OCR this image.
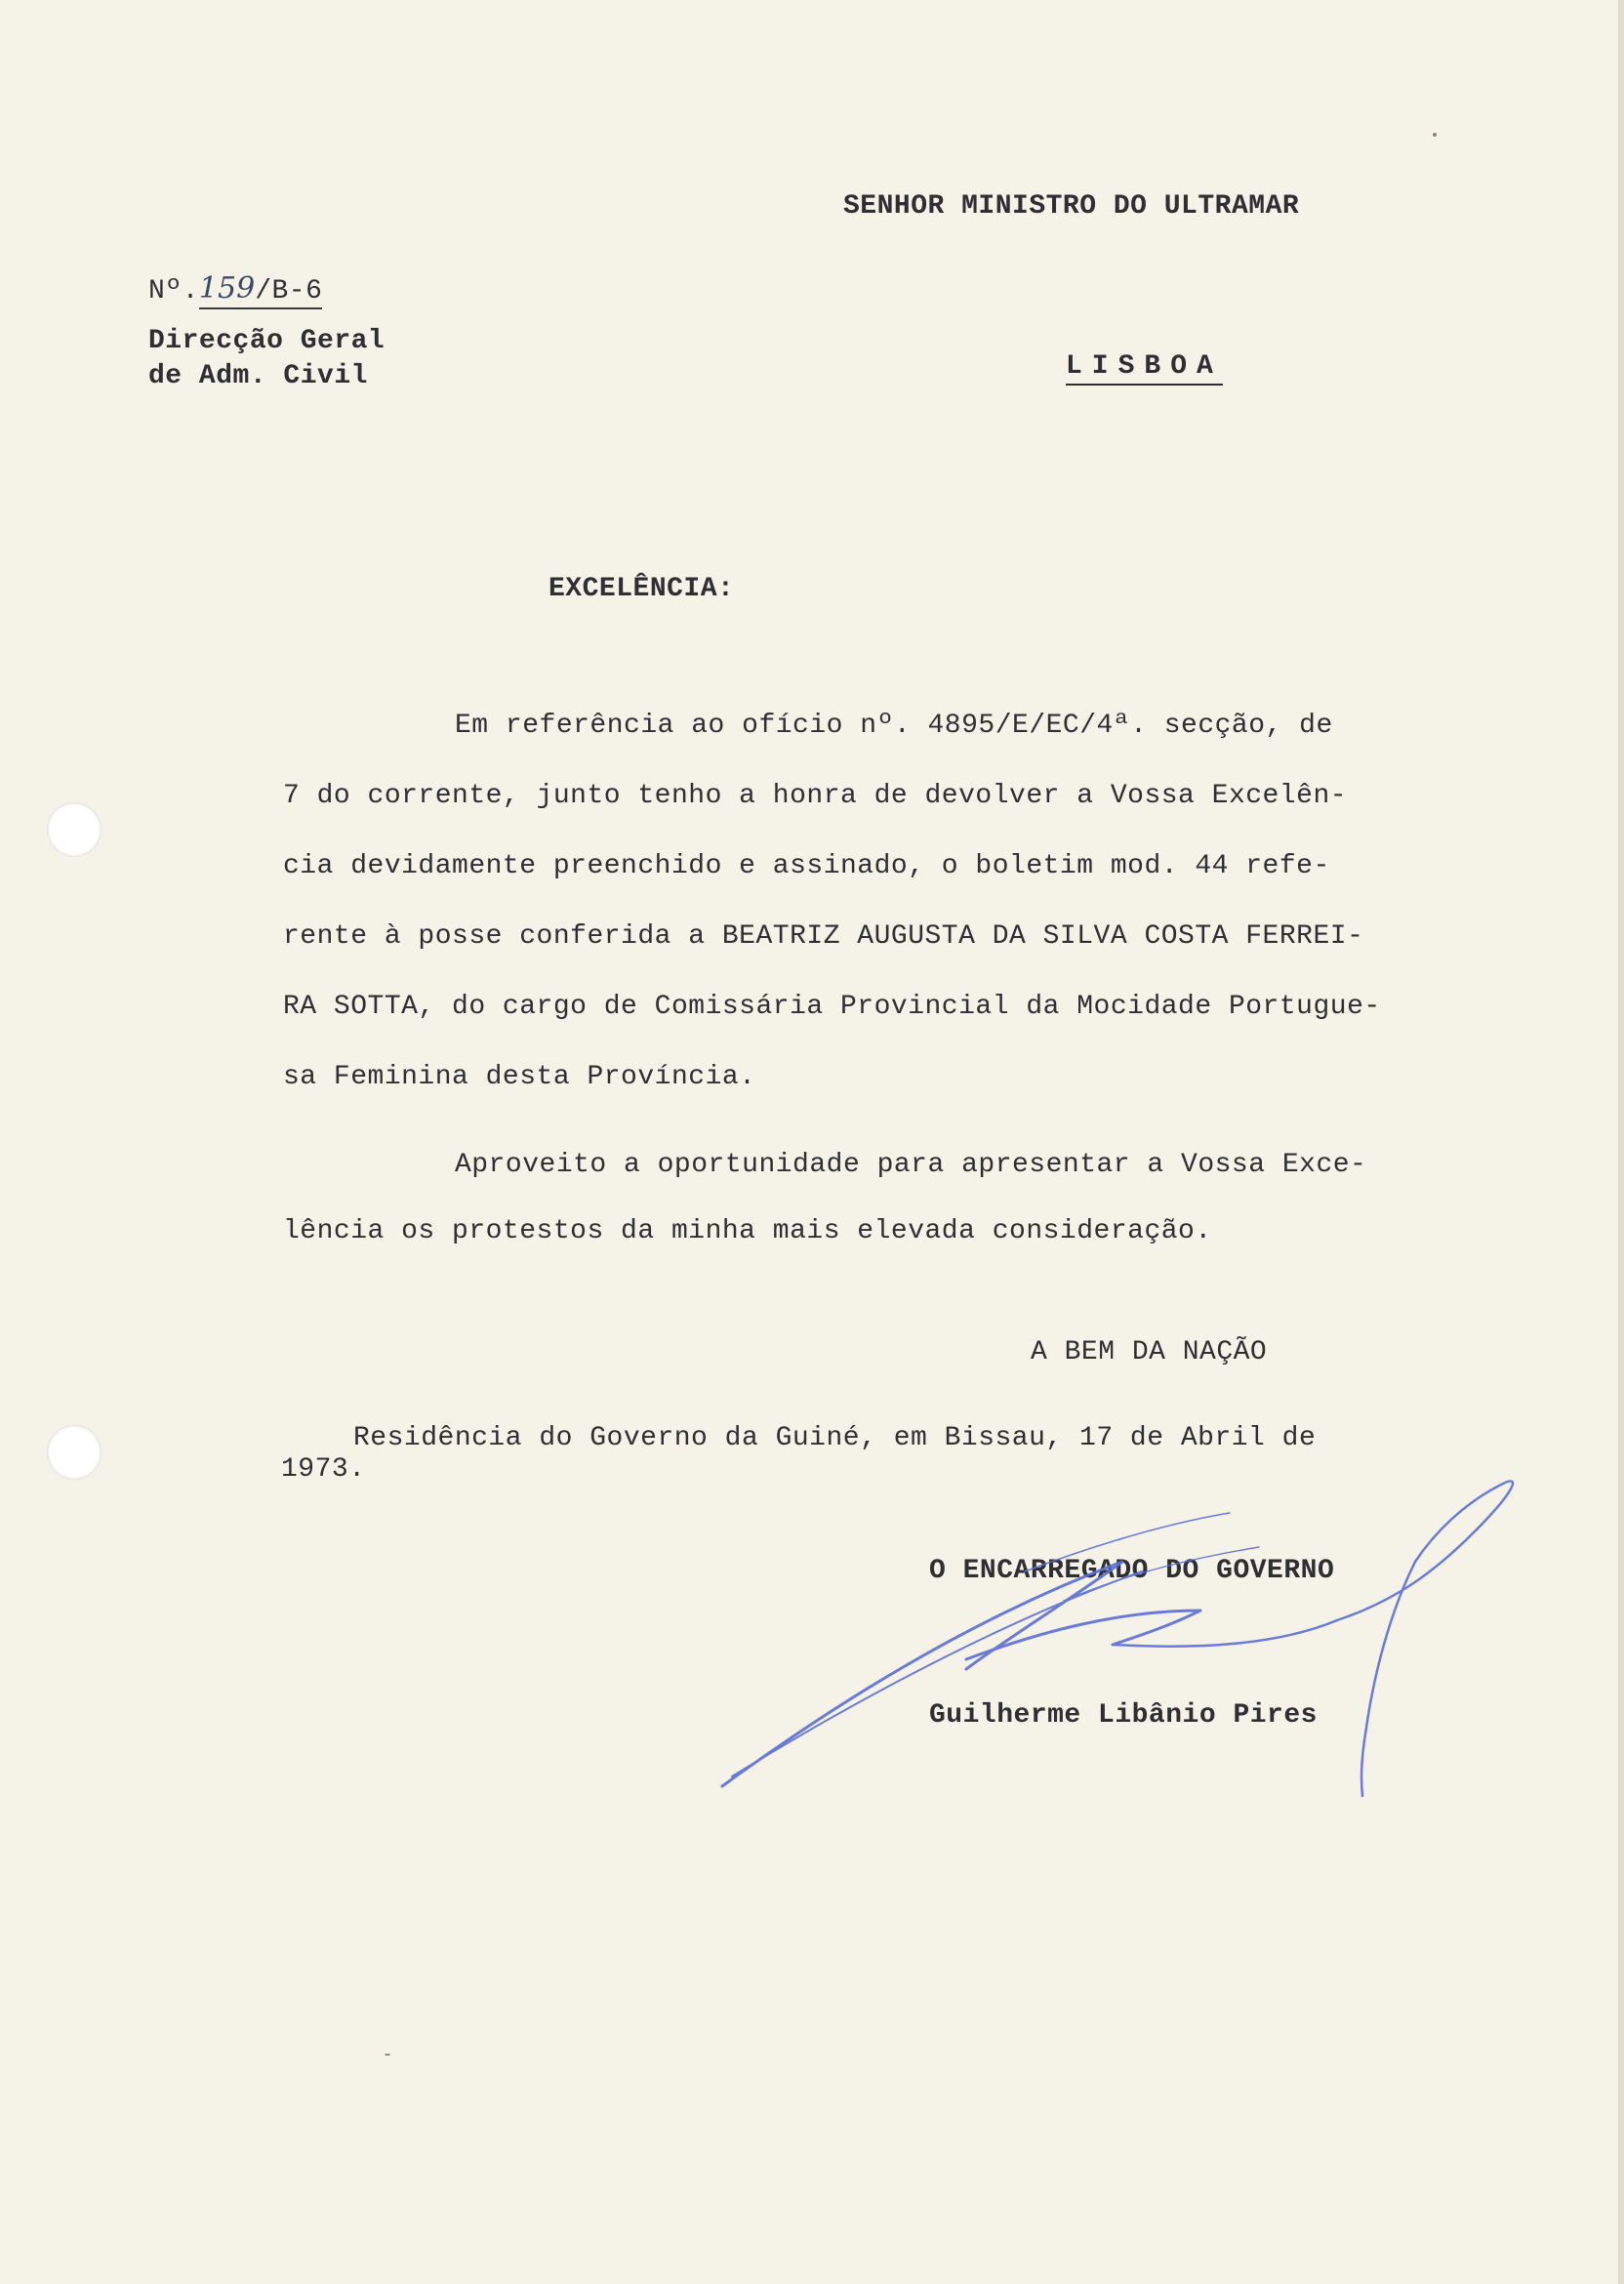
SENHOR MINISTRO DO ULTRAMAR

Nº.159/B-6

Direcção Geral

de Adm. Civil	LISBOA

EXCELÊNCIA:

Em referência ao ofício nº. 4895/E/EC/4ª. secção, de

7 do corrente, junto tenho a honra de devolver a Vossa Excelên-

cia devidamente preenchido e assinado, o boletim mod. 44 refe-

rente à posse conferida a BEATRIZ AUGUSTA DA SILVA COSTA FERREI-

RA SOTTA, do cargo de Comissária Provincial da Mocidade Portugue-

sa Feminina desta Província.

Aproveito a oportunidade para apresentar a Vossa Exce-

lência os protestos da minha mais elevada consideração.

A BEM DA NAÇÃO

Residência do Governo da Guiné, em Bissau, 17 de Abril de

1973.

O ENCARREGADO DO GOVERNO

Guilherme Libânio Pires
